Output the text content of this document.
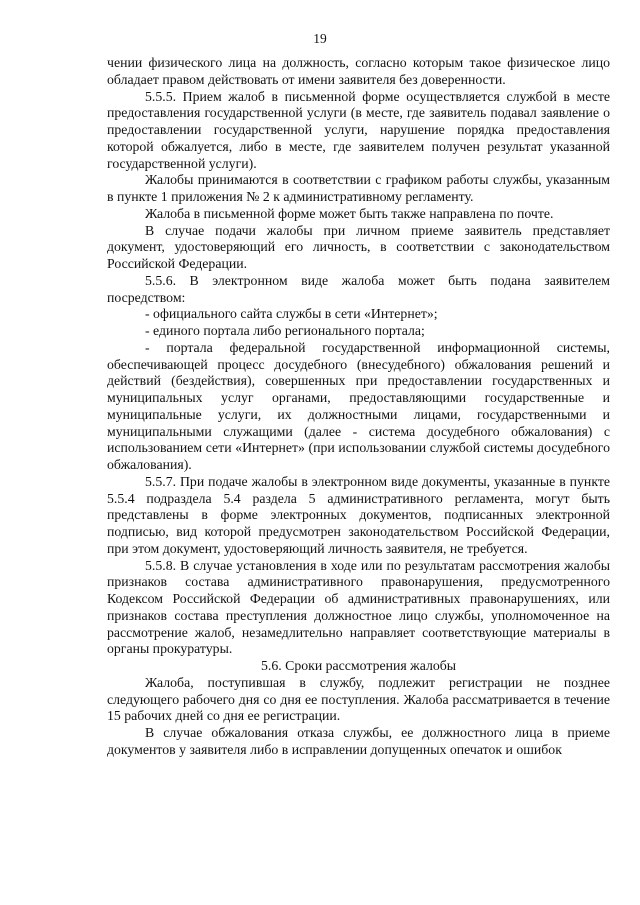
19

чении физического лица на должность, согласно которым такое физическое лицо обладает правом действовать от имени заявителя без доверенности.

5.5.5. Прием жалоб в письменной форме осуществляется службой в месте предоставления государственной услуги (в месте, где заявитель подавал заявление о предоставлении государственной услуги, нарушение порядка предоставления которой обжалуется, либо в месте, где заявителем получен результат указанной государственной услуги).

Жалобы принимаются в соответствии с графиком работы службы, указанным в пункте 1 приложения № 2 к административному регламенту.

Жалоба в письменной форме может быть также направлена по почте.

В случае подачи жалобы при личном приеме заявитель представляет документ, удостоверяющий его личность, в соответствии с законодательством Российской Федерации.

5.5.6. В электронном виде жалоба может быть подана заявителем посредством:

- официального сайта службы в сети «Интернет»;

- единого портала либо регионального портала;

- портала федеральной государственной информационной системы, обеспечивающей процесс досудебного (внесудебного) обжалования решений и действий (бездействия), совершенных при предоставлении государственных и муниципальных услуг органами, предоставляющими государственные и муниципальные услуги, их должностными лицами, государственными и муниципальными служащими (далее - система досудебного обжалования) с использованием сети «Интернет» (при использовании службой системы досудебного обжалования).

5.5.7. При подаче жалобы в электронном виде документы, указанные в пункте 5.5.4 подраздела 5.4 раздела 5 административного регламента, могут быть представлены в форме электронных документов, подписанных электронной подписью, вид которой предусмотрен законодательством Российской Федерации, при этом документ, удостоверяющий личность заявителя, не требуется.

5.5.8. В случае установления в ходе или по результатам рассмотрения жалобы признаков состава административного правонарушения, предусмотренного Кодексом Российской Федерации об административных правонарушениях, или признаков состава преступления должностное лицо службы, уполномоченное на рассмотрение жалоб, незамедлительно направляет соответствующие материалы в органы прокуратуры.

5.6. Сроки рассмотрения жалобы

Жалоба, поступившая в службу, подлежит регистрации не позднее следующего рабочего дня со дня ее поступления. Жалоба рассматривается в течение 15 рабочих дней со дня ее регистрации.

В случае обжалования отказа службы, ее должностного лица в приеме документов у заявителя либо в исправлении допущенных опечаток и ошибок
